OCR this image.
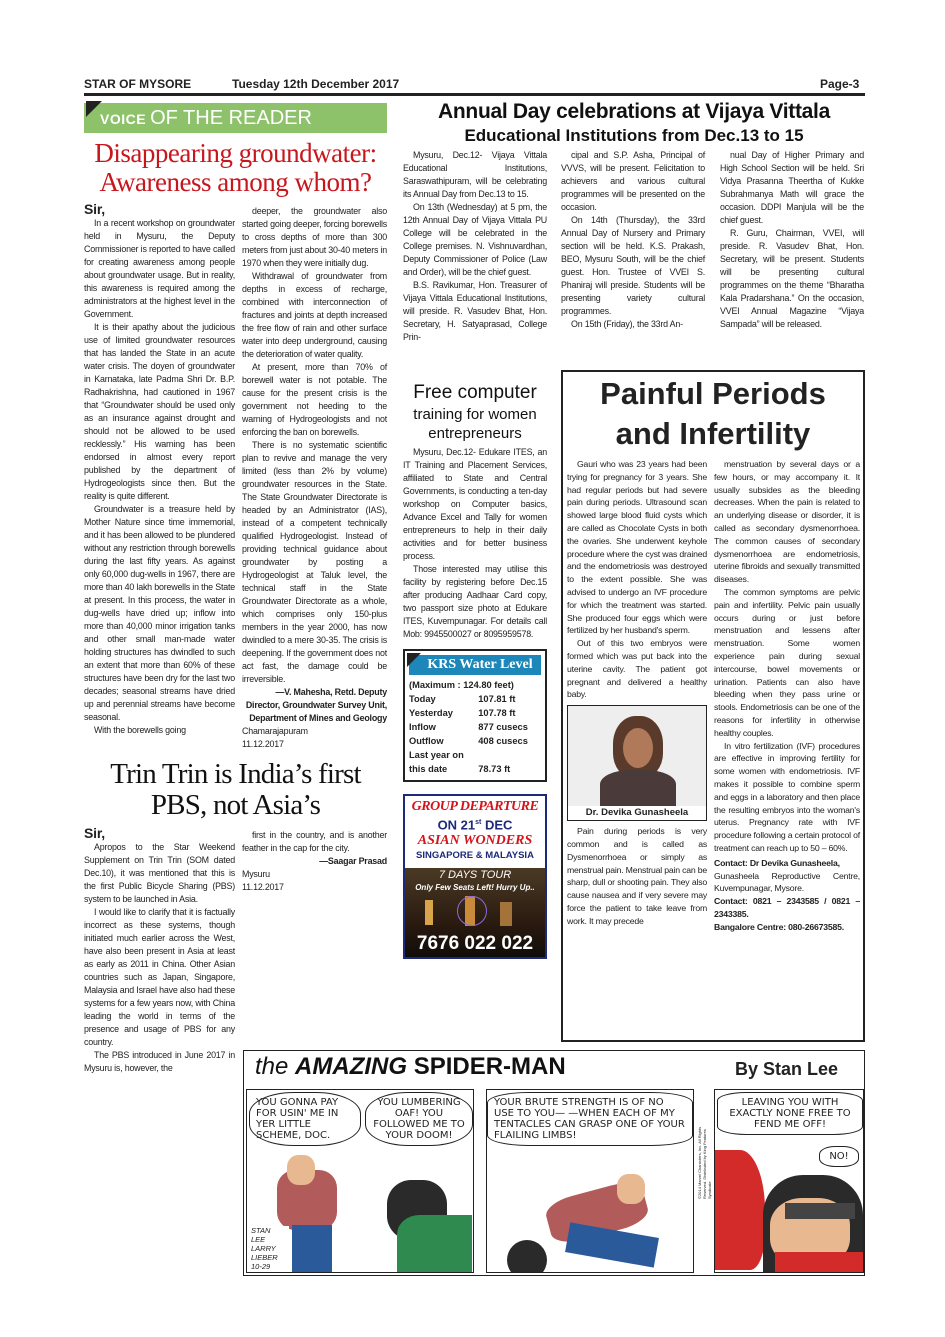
STAR OF MYSORE	Tuesday 12th December 2017	Page-3
VOICE OF THE READER
Disappearing groundwater:
Awareness among whom?
Sir,

In a recent workshop on groundwater held in Mysuru, the Deputy Commissioner is reported to have called for creating awareness among people about groundwater usage. But in reality, this awareness is required among the administrators at the highest level in the Government.

It is their apathy about the judicious use of limited groundwater resources that has landed the State in an acute water crisis. The doyen of groundwater in Karnataka, late Padma Shri Dr. B.P. Radhakrishna, had cautioned in 1967 that “Groundwater should be used only as an insurance against drought and should not be allowed to be used recklessly.” His warning has been endorsed in almost every report published by the department of Hydrogeologists since then. But the reality is quite different.

Groundwater is a treasure held by Mother Nature since time immemorial, and it has been allowed to be plundered without any restriction through borewells during the last fifty years. As against only 60,000 dug-wells in 1967, there are more than 40 lakh borewells in the State at present. In this process, the water in dug-wells have dried up; inflow into more than 40,000 minor irrigation tanks and other small man-made water holding structures has dwindled to such an extent that more than 60% of these structures have been dry for the last two decades; seasonal streams have dried up and perennial streams have become seasonal.

With the borewells going

deeper, the groundwater also started going deeper, forcing borewells to cross depths of more than 300 meters from just about 30-40 meters in 1970 when they were initially dug.

Withdrawal of groundwater from depths in excess of recharge, combined with interconnection of fractures and joints at depth increased the free flow of rain and other surface water into deep underground, causing the deterioration of water quality.

At present, more than 70% of borewell water is not potable. The cause for the present crisis is the government not heeding to the warning of Hydrogeologists and not enforcing the ban on borewells.

There is no systematic scientific plan to revive and manage the very limited (less than 2% by volume) groundwater resources in the State. The State Groundwater Directorate is headed by an Administrator (IAS), instead of a competent technically qualified Hydrogeologist. Instead of providing technical guidance about groundwater by posting a Hydrogeologist at Taluk level, the technical staff in the State Groundwater Directorate as a whole, which comprises only 150-plus members in the year 2000, has now dwindled to a mere 30-35. The crisis is deepening. If the government does not act fast, the damage could be irreversible.

—V. Mahesha, Retd. Deputy Director, Groundwater Survey Unit, Department of Mines and Geology

Chamarajapuram

11.12.2017

Trin Trin is India’s first
PBS, not Asia’s
Sir,

Apropos to the Star Weekend Supplement on Trin Trin (SOM dated Dec.10), it was mentioned that this is the first Public Bicycle Sharing (PBS) system to be launched in Asia.

I would like to clarify that it is factually incorrect as these systems, though initiated much earlier across the West, have also been present in Asia at least as early as 2011 in China. Other Asian countries such as Japan, Singapore, Malaysia and Israel have also had these systems for a few years now, with China leading the world in terms of the presence and usage of PBS for any country.

The PBS introduced in June 2017 in Mysuru is, however, the

first in the country, and is another feather in the cap for the city.

—Saagar Prasad

Mysuru

11.12.2017

Annual Day celebrations at Vijaya Vittala
Educational Institutions from Dec.13 to 15

Mysuru, Dec.12- Vijaya Vittala Educational Institutions, Saraswathipuram, will be celebrating its Annual Day from Dec.13 to 15.

On 13th (Wednesday) at 5 pm, the 12th Annual Day of Vijaya Vittala PU College will be celebrated in the College premises. N. Vishnuvardhan, Deputy Commissioner of Police (Law and Order), will be the chief guest.

B.S. Ravikumar, Hon. Treasurer of Vijaya Vittala Educational Institutions, will preside. R. Vasudev Bhat, Hon. Secretary, H. Satyaprasad, College Prin-

cipal and S.P. Asha, Principal of VVVS, will be present. Felicitation to achievers and various cultural programmes will be presented on the occasion.

On 14th (Thursday), the 33rd Annual Day of Nursery and Primary section will be held. K.S. Prakash, BEO, Mysuru South, will be the chief guest. Hon. Trustee of VVEI S. Phaniraj will preside. Students will be presenting variety cultural programmes.

On 15th (Friday), the 33rd An-

nual Day of Higher Primary and High School Section will be held. Sri Vidya Prasanna Theertha of Kukke Subrahmanya Math will grace the occasion. DDPI Manjula will be the chief guest.

R. Guru, Chairman, VVEI, will preside. R. Vasudev Bhat, Hon. Secretary, will be present. Students will be presenting cultural programmes on the theme “Bharatha Kala Pradarshana.” On the occasion, VVEI Annual Magazine “Vijaya Sampada” will be released.

Free computer
training for women
entrepreneurs

Mysuru, Dec.12- Edukare ITES, an IT Training and Placement Services, affiliated to State and Central Governments, is conducting a ten-day workshop on Computer basics, Advance Excel and Tally for women entrepreneurs to help in their daily activities and for better business process.

Those interested may utilise this facility by registering before Dec.15 after producing Aadhaar Card copy, two passport size photo at Edukare ITES, Kuvempunagar. For details call Mob: 9945500027 or 8095959578.

KRS Water Level
(Maximum : 124.80 feet)	
Today	107.81 ft
Yesterday	107.78 ft
Inflow	877 cusecs
Outflow	408 cusecs
Last year on	
this date	78.73 ft
GROUP DEPARTURE
ON 21st DEC
ASIAN WONDERS
SINGAPORE & MALAYSIA
7 DAYS TOUR
Only Few Seats Left! Hurry Up..
7676 022 022
Painful Periods
and Infertility

Gauri who was 23 years had been trying for pregnancy for 3 years. She had regular periods but had severe pain during periods. Ultrasound scan showed large blood fluid cysts which are called as Chocolate Cysts in both the ovaries. She underwent keyhole procedure where the cyst was drained and the endometriosis was destroyed to the extent possible. She was advised to undergo an IVF procedure for which the treatment was started. She produced four eggs which were fertilized by her husband's sperm.

Out of this two embryos were formed which was put back into the uterine cavity. The patient got pregnant and delivered a healthy baby.

Dr. Devika Gunasheela

Pain during periods is very common and is called as Dysmenorrhoea or simply as menstrual pain. Menstrual pain can be sharp, dull or shooting pain. They also cause nausea and if very severe may force the patient to take leave from work. It may precede

menstruation by several days or a few hours, or may accompany it. It usually subsides as the bleeding decreases. When the pain is related to an underlying disease or disorder, it is called as secondary dysmenorrhoea. The common causes of secondary dysmenorrhoea are endometriosis, uterine fibroids and sexually transmitted diseases.

The common symptoms are pelvic pain and infertility. Pelvic pain usually occurs during or just before menstruation and lessens after menstruation. Some women experience pain during sexual intercourse, bowel movements or urination. Patients can also have bleeding when they pass urine or stools. Endometriosis can be one of the reasons for infertility in otherwise healthy couples.

In vitro fertilization (IVF) procedures are effective in improving fertility for some women with endometriosis. IVF makes it possible to combine sperm and eggs in a laboratory and then place the resulting embryos into the woman's uterus. Pregnancy rate with IVF procedure following a certain protocol of treatment can reach up to 50 – 60%.

Contact: Dr Devika Gunasheela,

Gunasheela Reproductive Centre, Kuvempunagar, Mysore.

Contact: 0821 – 2343585 / 0821 – 2343385.

Bangalore Centre: 080-26673585.

the AMAZING SPIDER-MAN	By Stan Lee
YOU GONNA PAY FOR USIN' ME IN YER LITTLE SCHEME, DOC.
YOU LUMBERING OAF! YOU FOLLOWED ME TO YOUR DOOM!
STAN LEE LARRY LIEBER 10-29
YOUR BRUTE STRENGTH IS OF NO USE TO YOU— —WHEN EACH OF MY TENTACLES CAN GRASP ONE OF YOUR FLAILING LIMBS!	©2014 Marvel Characters, Inc. All Rights Reserved. Distributed by King Features Syndicate
LEAVING YOU WITH EXACTLY NONE FREE TO FEND ME OFF!
NO!
